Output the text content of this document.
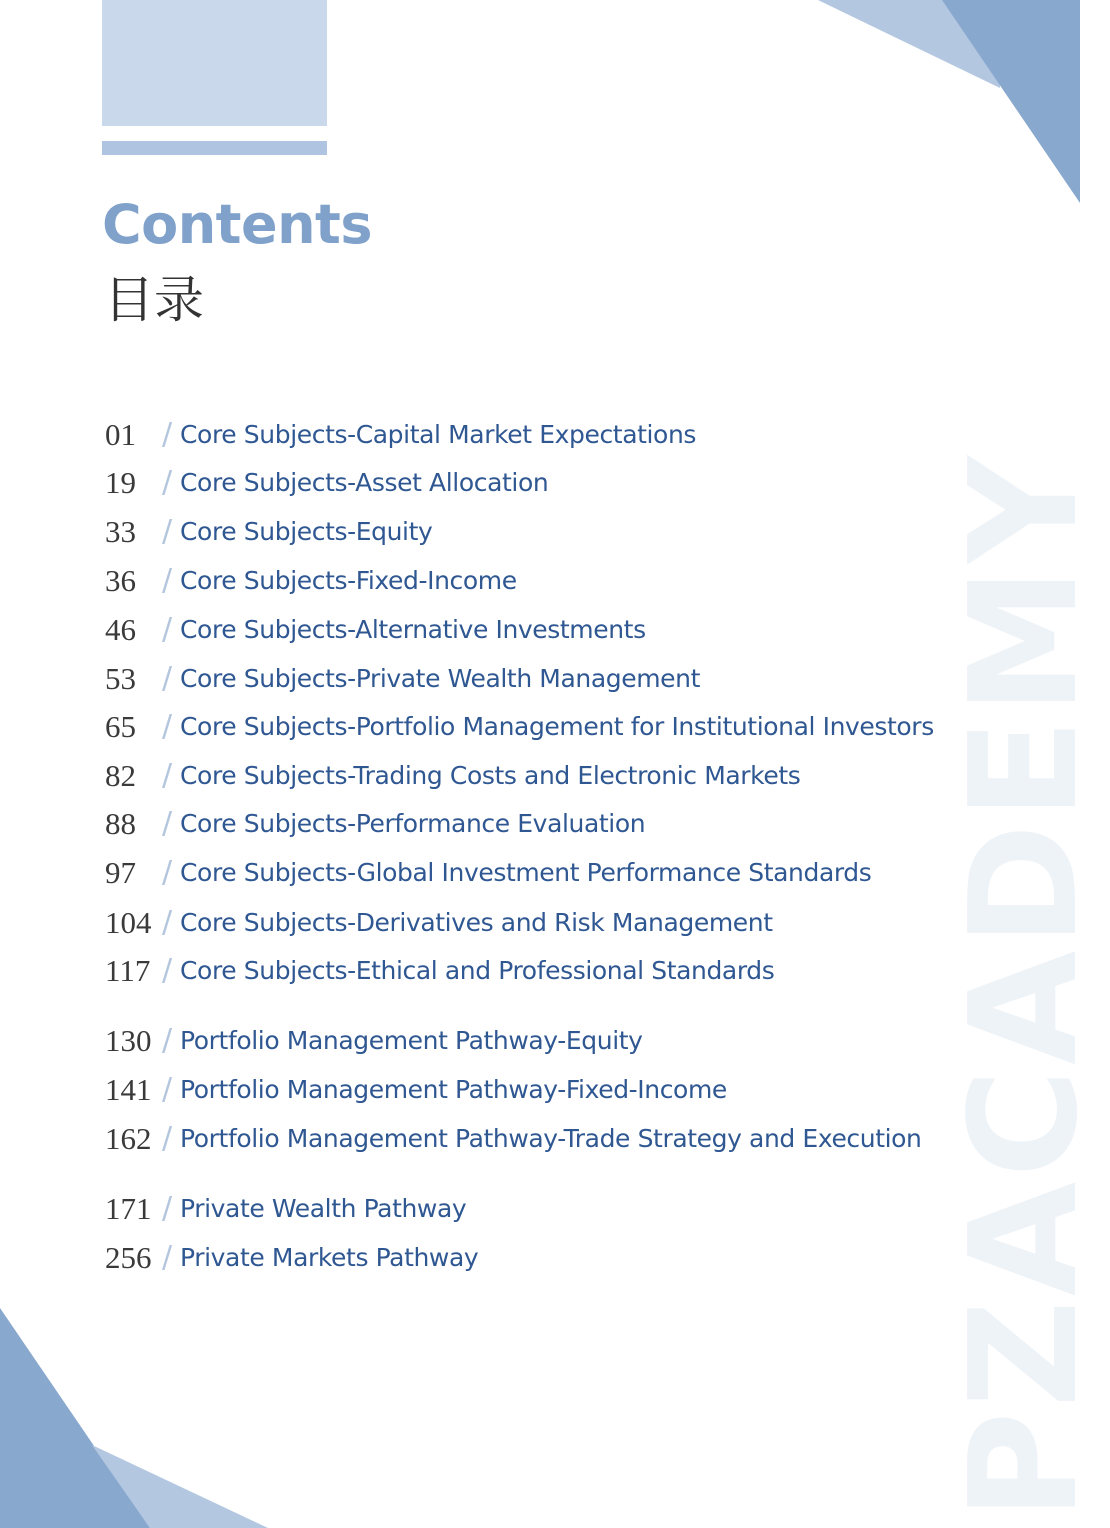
Contents
目录
PZACADEMY
01 / Core Subjects-Capital Market Expectations
19 / Core Subjects-Asset Allocation
33 / Core Subjects-Equity
36 / Core Subjects-Fixed-Income
46 / Core Subjects-Alternative Investments
53 / Core Subjects-Private Wealth Management
65 / Core Subjects-Portfolio Management for Institutional Investors
82 / Core Subjects-Trading Costs and Electronic Markets
88 / Core Subjects-Performance Evaluation
97 / Core Subjects-Global Investment Performance Standards
104 / Core Subjects-Derivatives and Risk Management
117 / Core Subjects-Ethical and Professional Standards
130 / Portfolio Management Pathway-Equity
141 / Portfolio Management Pathway-Fixed-Income
162 / Portfolio Management Pathway-Trade Strategy and Execution
171 / Private Wealth Pathway
256 / Private Markets Pathway
